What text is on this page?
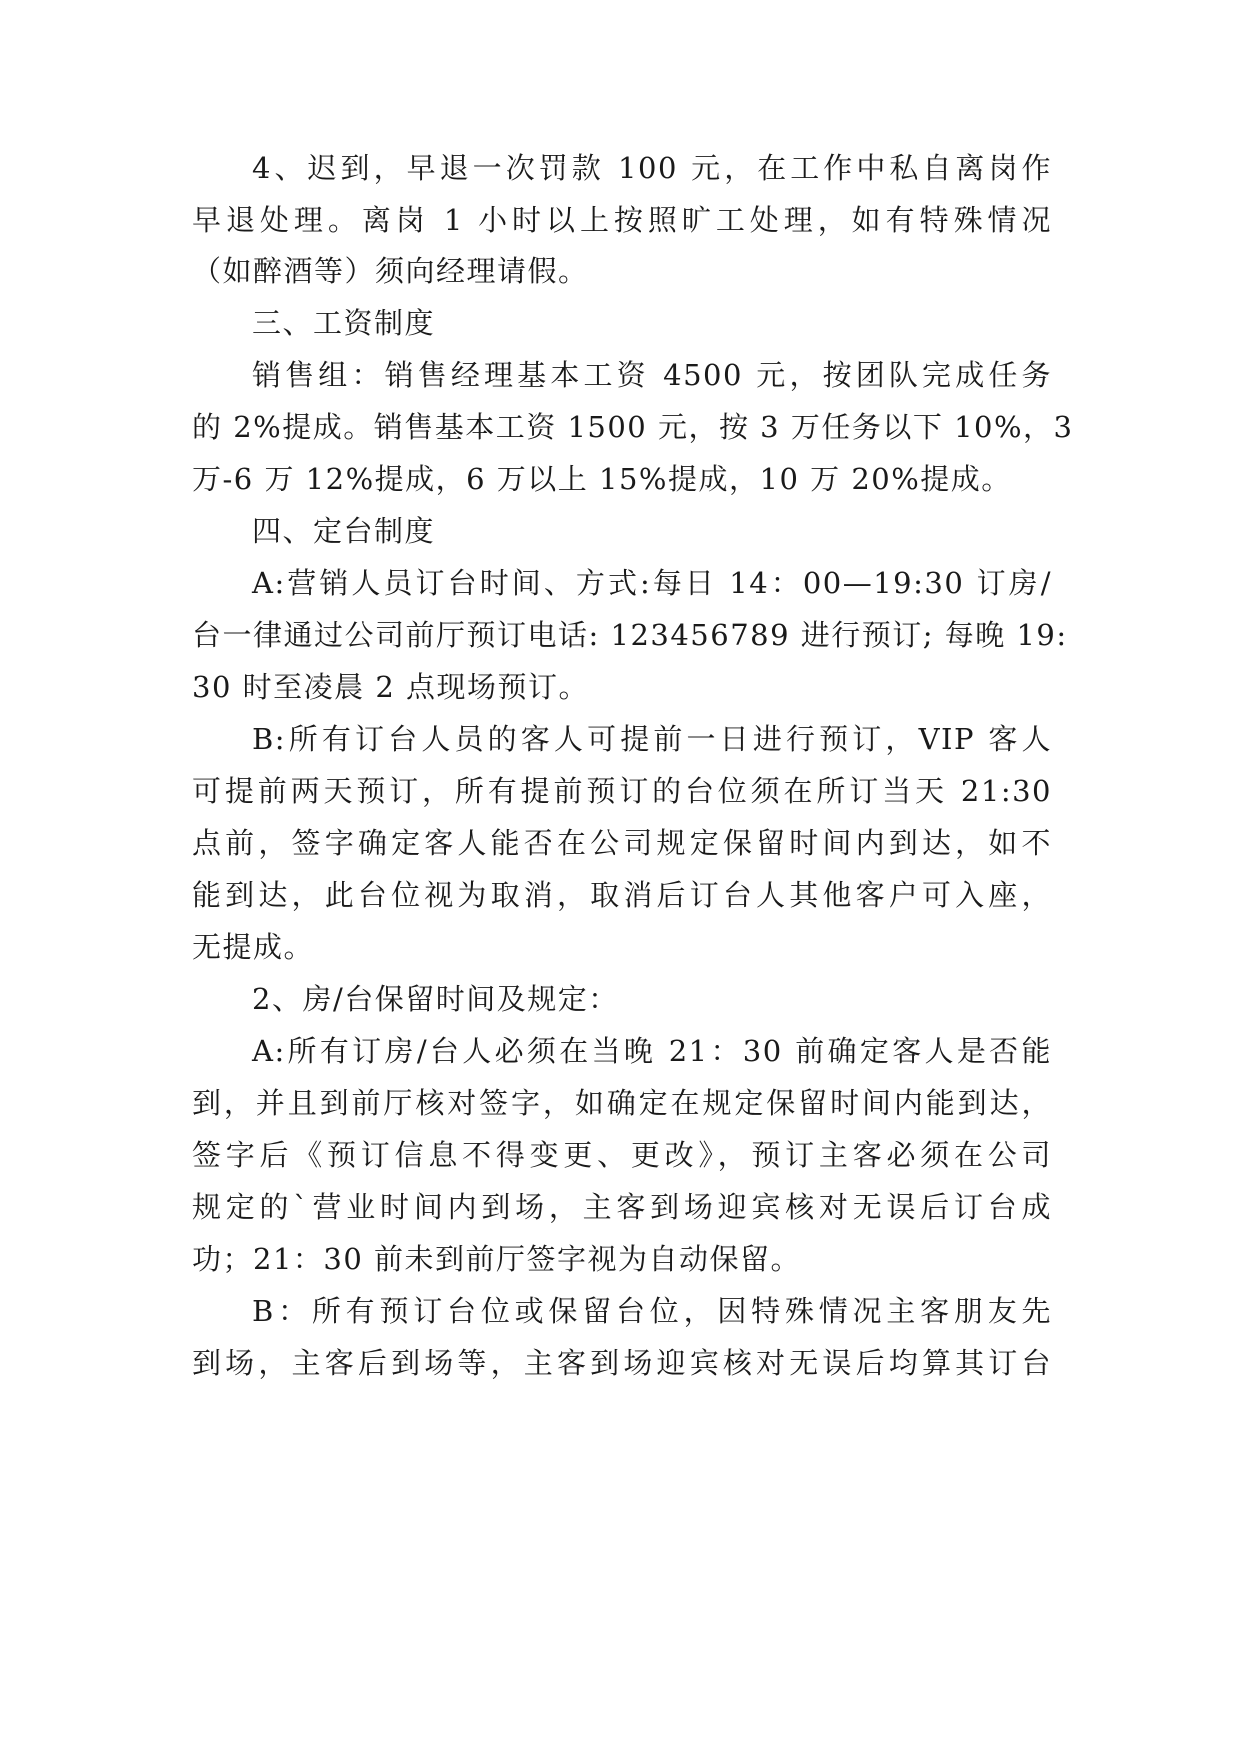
4、迟到，早退一次罚款 100 元，在工作中私自离岗作
早退处理。离岗 1 小时以上按照旷工处理，如有特殊情况
（如醉酒等）须向经理请假。
三、工资制度
销售组：销售经理基本工资 4500 元，按团队完成任务
的 2%提成。销售基本工资 1500 元，按 3 万任务以下 10%，3
万-6 万 12%提成，6 万以上 15%提成，10 万 20%提成。
四、定台制度
A:营销人员订台时间、方式:每日 14：00—19:30 订房/
台一律通过公司前厅预订电话: 123456789 进行预订; 每晚 19:
30 时至凌晨 2 点现场预订。
B:所有订台人员的客人可提前一日进行预订，VIP 客人
可提前两天预订，所有提前预订的台位须在所订当天 21:30
点前，签字确定客人能否在公司规定保留时间内到达，如不
能到达，此台位视为取消，取消后订台人其他客户可入座，
无提成。
2、房/台保留时间及规定：
A:所有订房/台人必须在当晚 21：30 前确定客人是否能
到，并且到前厅核对签字，如确定在规定保留时间内能到达，
签字后《预订信息不得变更、更改》，预订主客必须在公司
规定的`营业时间内到场，主客到场迎宾核对无误后订台成
功；21：30 前未到前厅签字视为自动保留。
B：所有预订台位或保留台位，因特殊情况主客朋友先
到场，主客后到场等，主客到场迎宾核对无误后均算其订台
